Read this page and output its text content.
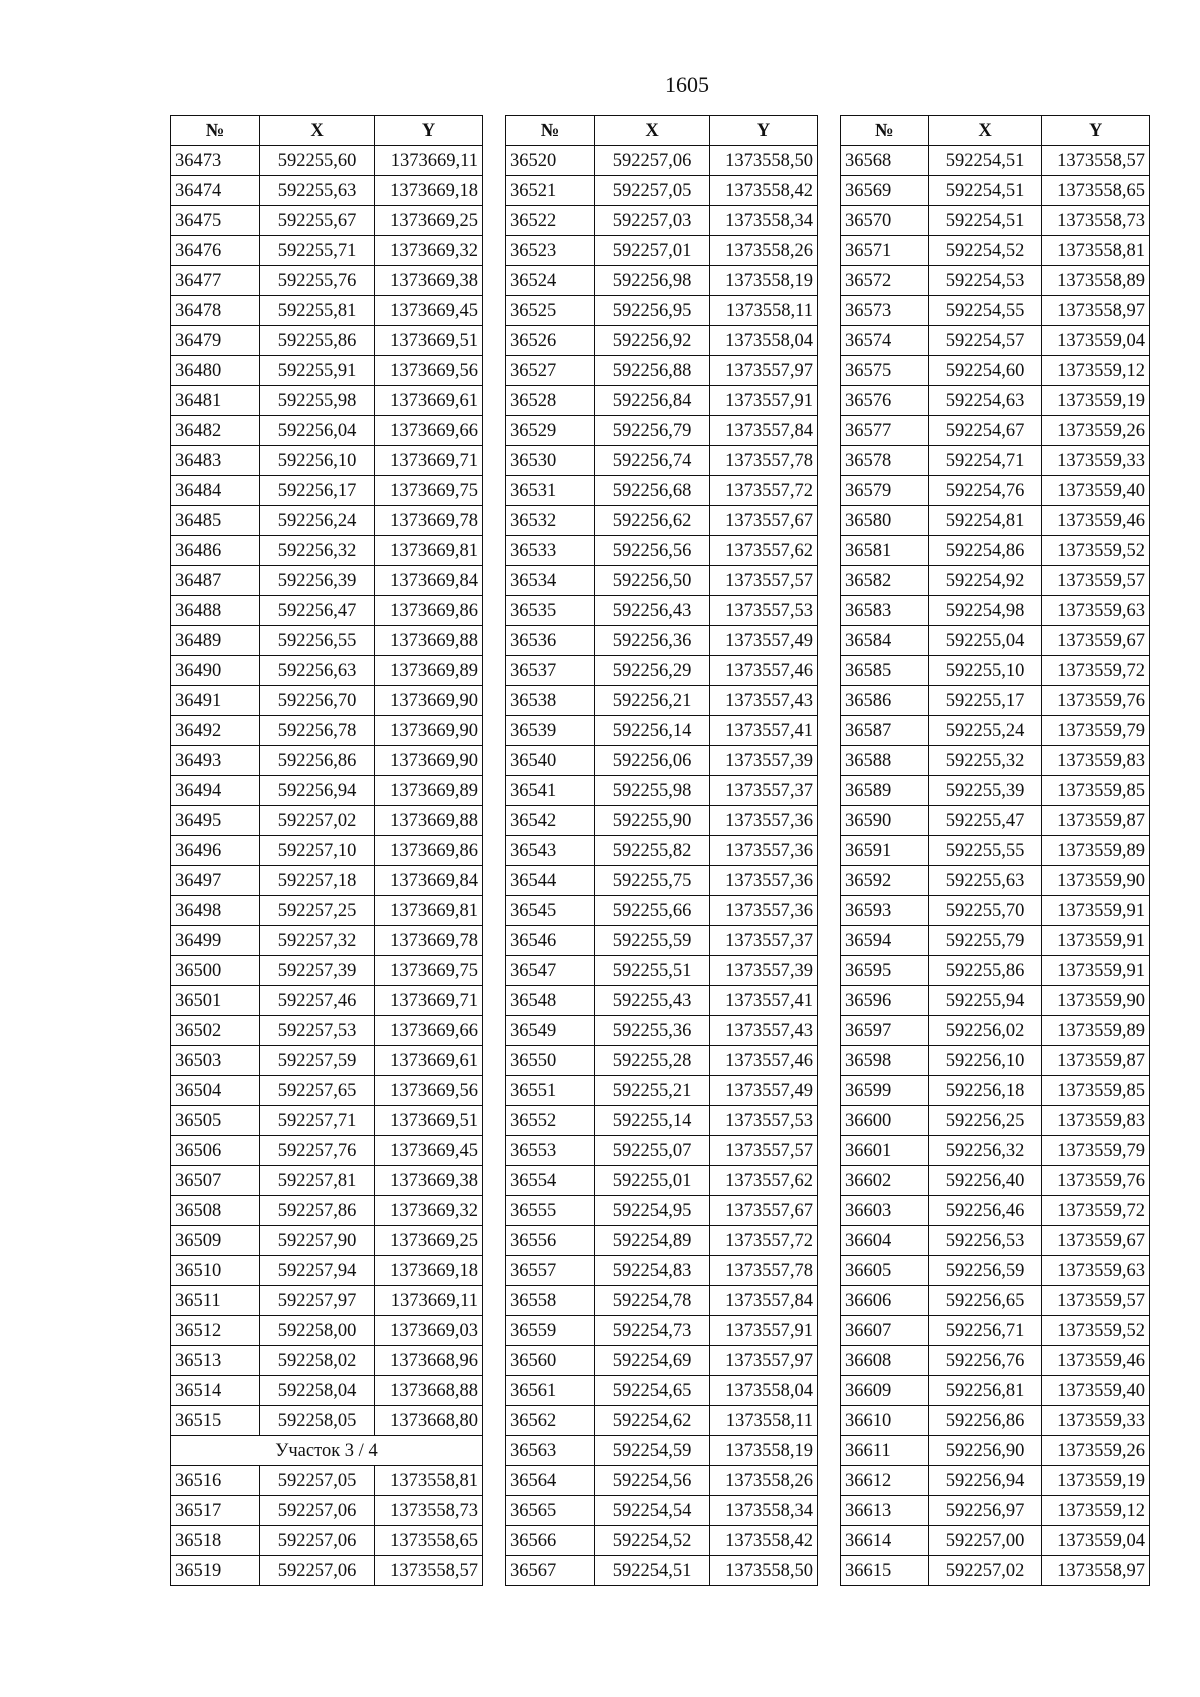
1605
№	X	Y
36473	592255,60	1373669,11
36474	592255,63	1373669,18
36475	592255,67	1373669,25
36476	592255,71	1373669,32
36477	592255,76	1373669,38
36478	592255,81	1373669,45
36479	592255,86	1373669,51
36480	592255,91	1373669,56
36481	592255,98	1373669,61
36482	592256,04	1373669,66
36483	592256,10	1373669,71
36484	592256,17	1373669,75
36485	592256,24	1373669,78
36486	592256,32	1373669,81
36487	592256,39	1373669,84
36488	592256,47	1373669,86
36489	592256,55	1373669,88
36490	592256,63	1373669,89
36491	592256,70	1373669,90
36492	592256,78	1373669,90
36493	592256,86	1373669,90
36494	592256,94	1373669,89
36495	592257,02	1373669,88
36496	592257,10	1373669,86
36497	592257,18	1373669,84
36498	592257,25	1373669,81
36499	592257,32	1373669,78
36500	592257,39	1373669,75
36501	592257,46	1373669,71
36502	592257,53	1373669,66
36503	592257,59	1373669,61
36504	592257,65	1373669,56
36505	592257,71	1373669,51
36506	592257,76	1373669,45
36507	592257,81	1373669,38
36508	592257,86	1373669,32
36509	592257,90	1373669,25
36510	592257,94	1373669,18
36511	592257,97	1373669,11
36512	592258,00	1373669,03
36513	592258,02	1373668,96
36514	592258,04	1373668,88
36515	592258,05	1373668,80
Участок 3 / 4		
36516	592257,05	1373558,81
36517	592257,06	1373558,73
36518	592257,06	1373558,65
36519	592257,06	1373558,57
№	X	Y
36520	592257,06	1373558,50
36521	592257,05	1373558,42
36522	592257,03	1373558,34
36523	592257,01	1373558,26
36524	592256,98	1373558,19
36525	592256,95	1373558,11
36526	592256,92	1373558,04
36527	592256,88	1373557,97
36528	592256,84	1373557,91
36529	592256,79	1373557,84
36530	592256,74	1373557,78
36531	592256,68	1373557,72
36532	592256,62	1373557,67
36533	592256,56	1373557,62
36534	592256,50	1373557,57
36535	592256,43	1373557,53
36536	592256,36	1373557,49
36537	592256,29	1373557,46
36538	592256,21	1373557,43
36539	592256,14	1373557,41
36540	592256,06	1373557,39
36541	592255,98	1373557,37
36542	592255,90	1373557,36
36543	592255,82	1373557,36
36544	592255,75	1373557,36
36545	592255,66	1373557,36
36546	592255,59	1373557,37
36547	592255,51	1373557,39
36548	592255,43	1373557,41
36549	592255,36	1373557,43
36550	592255,28	1373557,46
36551	592255,21	1373557,49
36552	592255,14	1373557,53
36553	592255,07	1373557,57
36554	592255,01	1373557,62
36555	592254,95	1373557,67
36556	592254,89	1373557,72
36557	592254,83	1373557,78
36558	592254,78	1373557,84
36559	592254,73	1373557,91
36560	592254,69	1373557,97
36561	592254,65	1373558,04
36562	592254,62	1373558,11
36563	592254,59	1373558,19
36564	592254,56	1373558,26
36565	592254,54	1373558,34
36566	592254,52	1373558,42
36567	592254,51	1373558,50
№	X	Y
36568	592254,51	1373558,57
36569	592254,51	1373558,65
36570	592254,51	1373558,73
36571	592254,52	1373558,81
36572	592254,53	1373558,89
36573	592254,55	1373558,97
36574	592254,57	1373559,04
36575	592254,60	1373559,12
36576	592254,63	1373559,19
36577	592254,67	1373559,26
36578	592254,71	1373559,33
36579	592254,76	1373559,40
36580	592254,81	1373559,46
36581	592254,86	1373559,52
36582	592254,92	1373559,57
36583	592254,98	1373559,63
36584	592255,04	1373559,67
36585	592255,10	1373559,72
36586	592255,17	1373559,76
36587	592255,24	1373559,79
36588	592255,32	1373559,83
36589	592255,39	1373559,85
36590	592255,47	1373559,87
36591	592255,55	1373559,89
36592	592255,63	1373559,90
36593	592255,70	1373559,91
36594	592255,79	1373559,91
36595	592255,86	1373559,91
36596	592255,94	1373559,90
36597	592256,02	1373559,89
36598	592256,10	1373559,87
36599	592256,18	1373559,85
36600	592256,25	1373559,83
36601	592256,32	1373559,79
36602	592256,40	1373559,76
36603	592256,46	1373559,72
36604	592256,53	1373559,67
36605	592256,59	1373559,63
36606	592256,65	1373559,57
36607	592256,71	1373559,52
36608	592256,76	1373559,46
36609	592256,81	1373559,40
36610	592256,86	1373559,33
36611	592256,90	1373559,26
36612	592256,94	1373559,19
36613	592256,97	1373559,12
36614	592257,00	1373559,04
36615	592257,02	1373558,97
